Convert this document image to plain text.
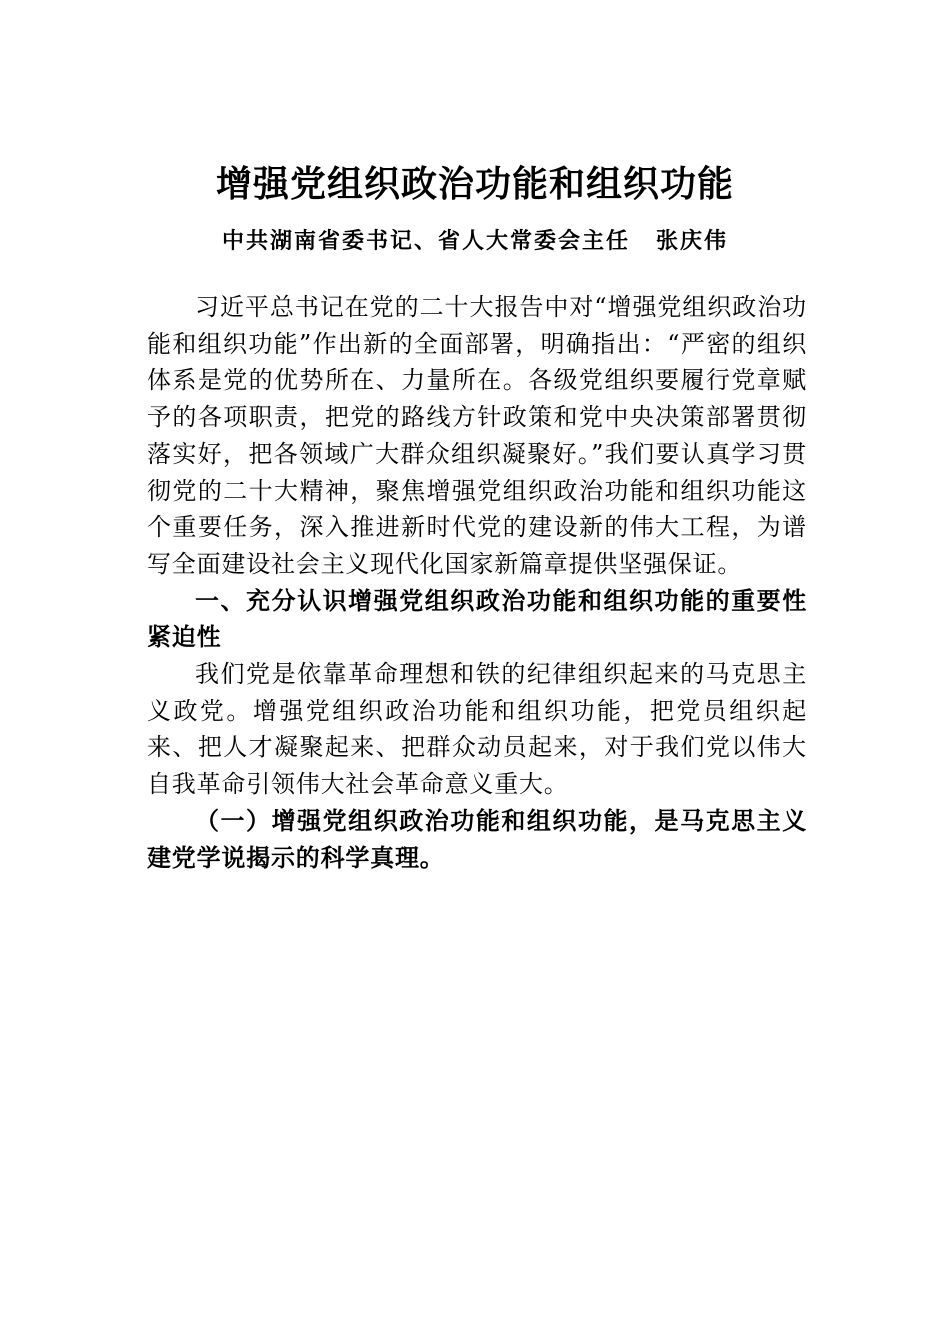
增强党组织政治功能和组织功能

中共湖南省委书记、省人大常委会主任 张庆伟

习近平总书记在党的二十大报告中对“增强党组织政治功能和组织功能”作出新的全面部署，明确指出：“严密的组织体系是党的优势所在、力量所在。各级党组织要履行党章赋予的各项职责，把党的路线方针政策和党中央决策部署贯彻落实好，把各领域广大群众组织凝聚好。”我们要认真学习贯彻党的二十大精神，聚焦增强党组织政治功能和组织功能这个重要任务，深入推进新时代党的建设新的伟大工程，为谱写全面建设社会主义现代化国家新篇章提供坚强保证。

一、充分认识增强党组织政治功能和组织功能的重要性紧迫性

我们党是依靠革命理想和铁的纪律组织起来的马克思主义政党。增强党组织政治功能和组织功能，把党员组织起来、把人才凝聚起来、把群众动员起来，对于我们党以伟大自我革命引领伟大社会革命意义重大。

（一）增强党组织政治功能和组织功能，是马克思主义建党学说揭示的科学真理。
